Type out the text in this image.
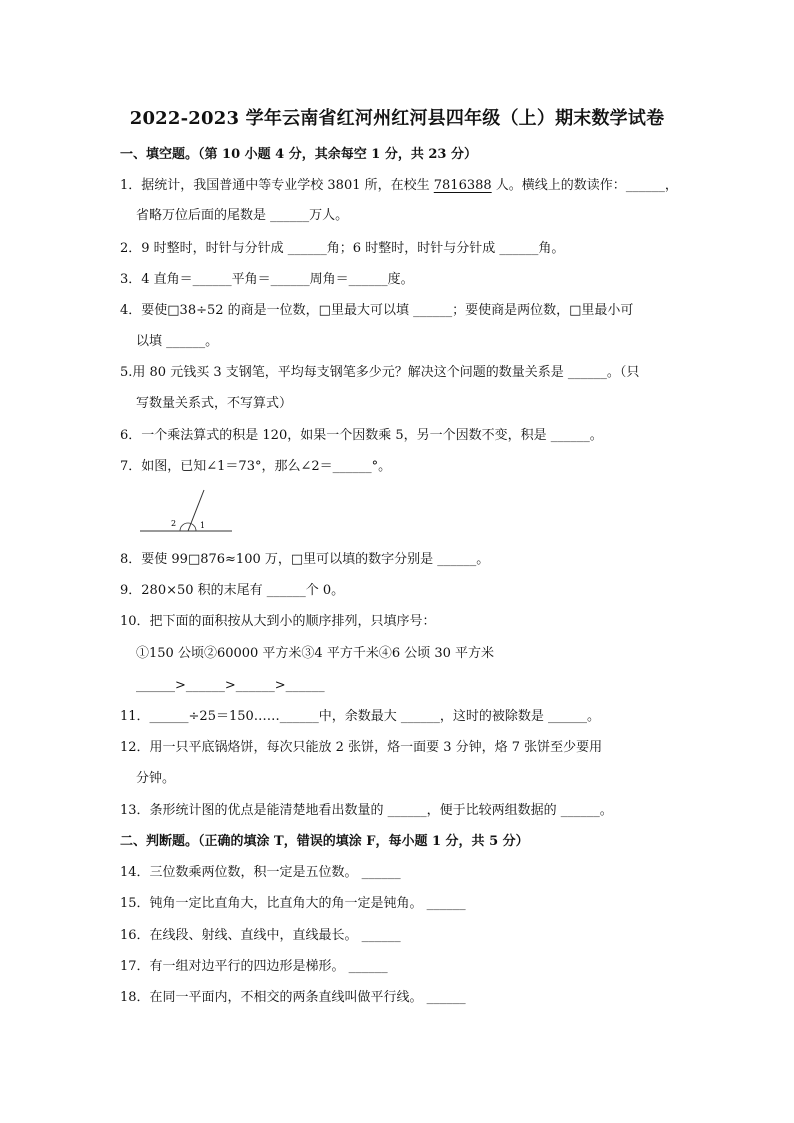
2022-2023 学年云南省红河州红河县四年级（上）期末数学试卷
一、填空题。（第 10 小题 4 分，其余每空 1 分，共 23 分）
1．据统计，我国普通中等专业学校 3801 所，在校生 7816388 人。横线上的数读作：______，
省略万位后面的尾数是 ______万人。
2．9 时整时，时针与分针成 ______角；6 时整时，时针与分针成 ______角。
3．4 直角＝______平角＝______周角＝______度。
4．要使□38÷52 的商是一位数，□里最大可以填 ______；要使商是两位数，□里最小可
以填 ______。
5.用 80 元钱买 3 支钢笔，平均每支钢笔多少元？解决这个问题的数量关系是 ______。（只
写数量关系式，不写算式）
6．一个乘法算式的积是 120，如果一个因数乘 5，另一个因数不变，积是 ______。
7．如图，已知∠1＝73°，那么∠2＝______°。
2	1
8．要使 99□876≈100 万，□里可以填的数字分别是 ______。
9．280×50 积的末尾有 ______个 0。
10．把下面的面积按从大到小的顺序排列，只填序号：
①150 公顷②60000 平方米③4 平方千米④6 公顷 30 平方米
______>______>______>______
11．______÷25＝150……______中，余数最大 ______，这时的被除数是 ______。
12．用一只平底锅烙饼，每次只能放 2 张饼，烙一面要 3 分钟，烙 7 张饼至少要用
分钟。
13．条形统计图的优点是能清楚地看出数量的 ______，便于比较两组数据的 ______。
二、判断题。（正确的填涂 T，错误的填涂 F，每小题 1 分，共 5 分）
14．三位数乘两位数，积一定是五位数。 ______
15．钝角一定比直角大，比直角大的角一定是钝角。 ______
16．在线段、射线、直线中，直线最长。 ______
17．有一组对边平行的四边形是梯形。 ______
18．在同一平面内，不相交的两条直线叫做平行线。 ______
